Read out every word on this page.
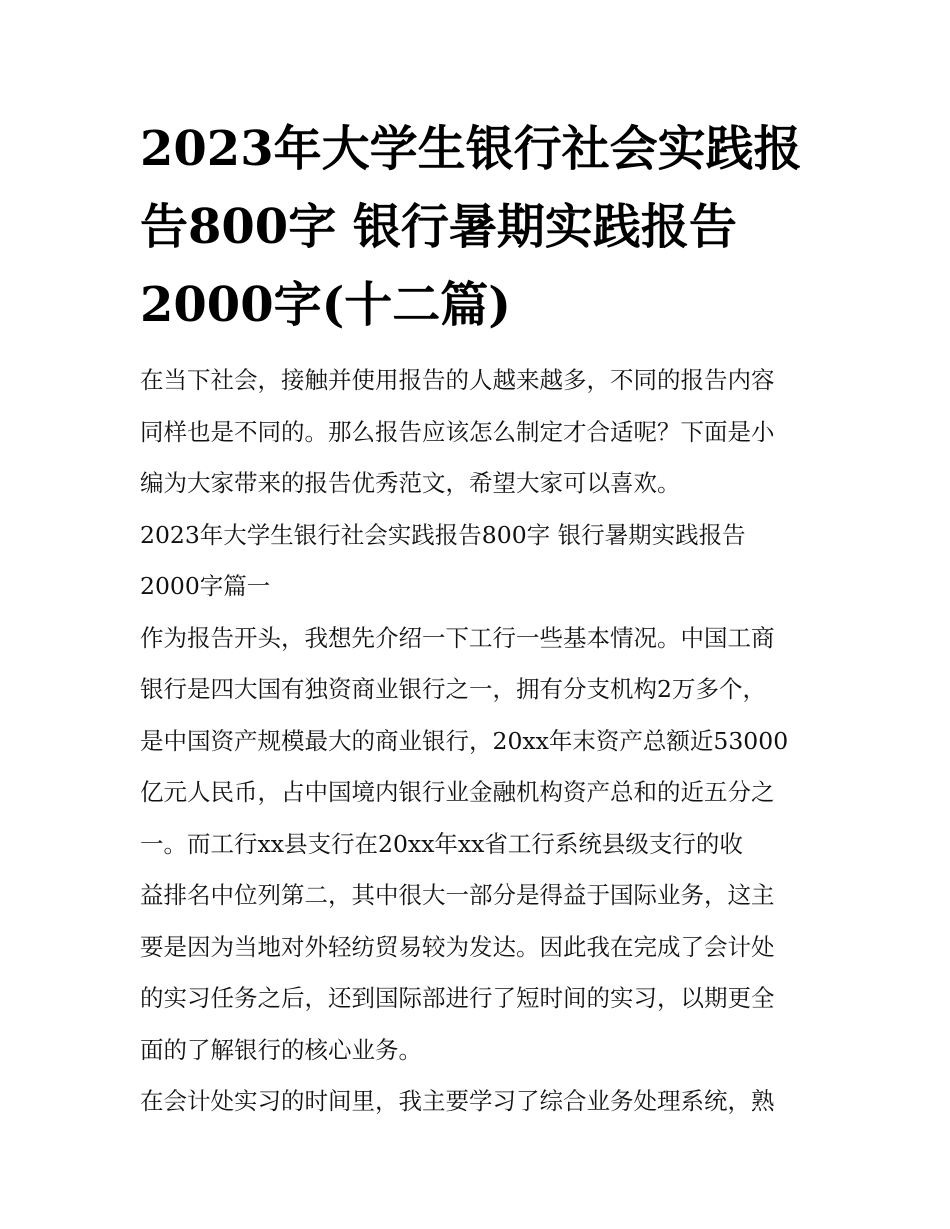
2023年大学生银行社会实践报
告800字 银行暑期实践报告
2000字(十二篇)

在当下社会，接触并使用报告的人越来越多，不同的报告内容
同样也是不同的。那么报告应该怎么制定才合适呢？下面是小
编为大家带来的报告优秀范文，希望大家可以喜欢。

2023年大学生银行社会实践报告800字 银行暑期实践报告
2000字篇一

作为报告开头，我想先介绍一下工行一些基本情况。中国工商
银行是四大国有独资商业银行之一，拥有分支机构2万多个，
是中国资产规模最大的商业银行，20xx年末资产总额近53000
亿元人民币，占中国境内银行业金融机构资产总和的近五分之
一。而工行xx县支行在20xx年xx省工行系统县级支行的收
益排名中位列第二，其中很大一部分是得益于国际业务，这主
要是因为当地对外轻纺贸易较为发达。因此我在完成了会计处
的实习任务之后，还到国际部进行了短时间的实习，以期更全
面的了解银行的核心业务。

在会计处实习的时间里，我主要学习了综合业务处理系统，熟
